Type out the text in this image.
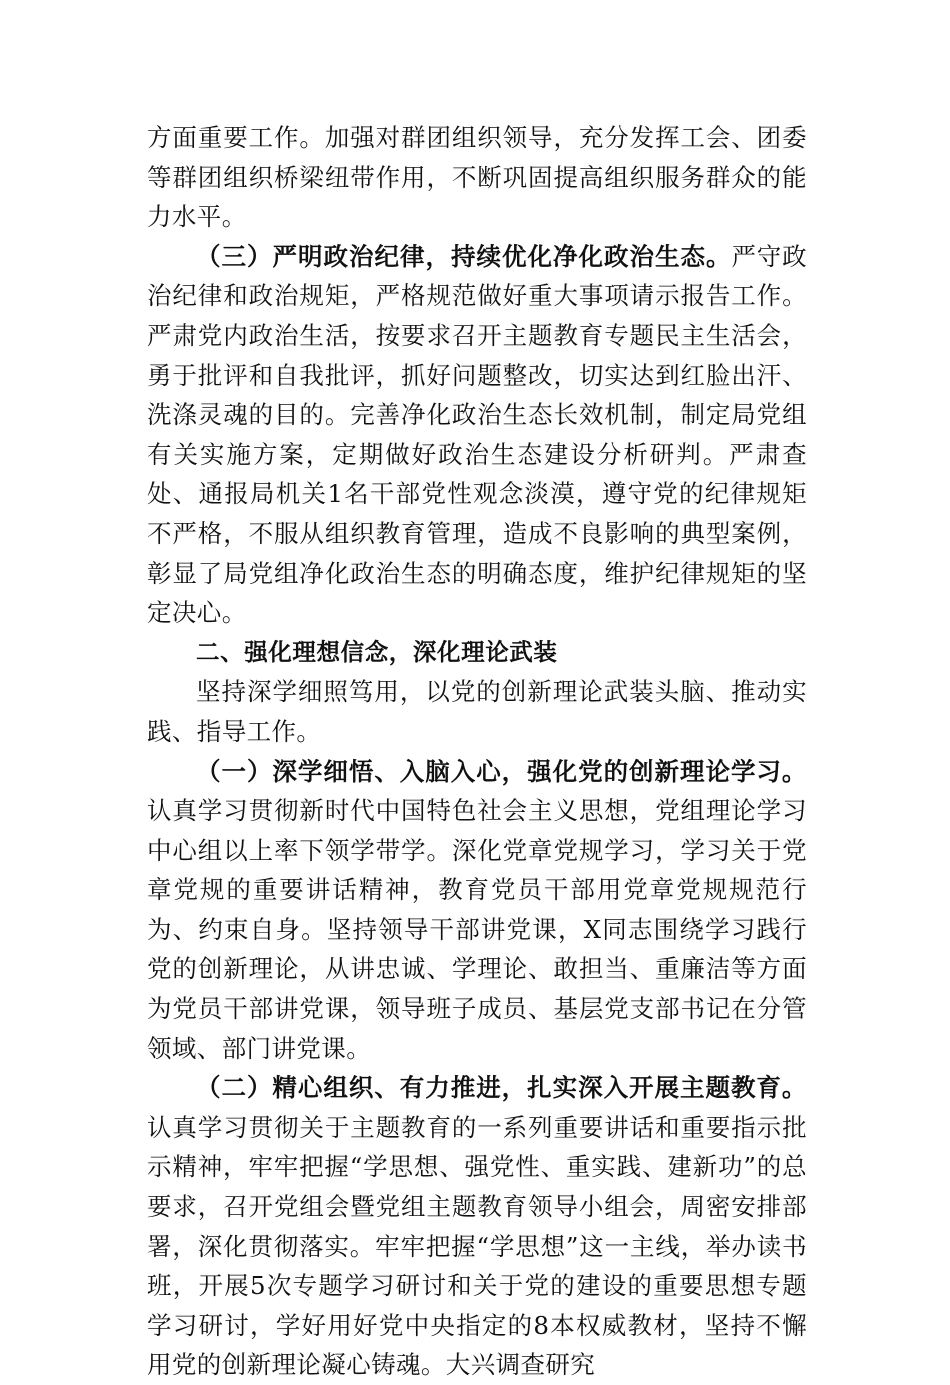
方面重要工作。加强对群团组织领导，充分发挥工会、团委等群团组织桥梁纽带作用，不断巩固提高组织服务群众的能力水平。

（三）严明政治纪律，持续优化净化政治生态。严守政治纪律和政治规矩，严格规范做好重大事项请示报告工作。严肃党内政治生活，按要求召开主题教育专题民主生活会，勇于批评和自我批评，抓好问题整改，切实达到红脸出汗、洗涤灵魂的目的。完善净化政治生态长效机制，制定局党组有关实施方案，定期做好政治生态建设分析研判。严肃查处、通报局机关1名干部党性观念淡漠，遵守党的纪律规矩不严格，不服从组织教育管理，造成不良影响的典型案例，彰显了局党组净化政治生态的明确态度，维护纪律规矩的坚定决心。

二、强化理想信念，深化理论武装

坚持深学细照笃用，以党的创新理论武装头脑、推动实践、指导工作。

（一）深学细悟、入脑入心，强化党的创新理论学习。认真学习贯彻新时代中国特色社会主义思想，党组理论学习中心组以上率下领学带学。深化党章党规学习，学习关于党章党规的重要讲话精神，教育党员干部用党章党规规范行为、约束自身。坚持领导干部讲党课，X同志围绕学习践行党的创新理论，从讲忠诚、学理论、敢担当、重廉洁等方面为党员干部讲党课，领导班子成员、基层党支部书记在分管领域、部门讲党课。

（二）精心组织、有力推进，扎实深入开展主题教育。认真学习贯彻关于主题教育的一系列重要讲话和重要指示批示精神，牢牢把握“学思想、强党性、重实践、建新功”的总要求，召开党组会暨党组主题教育领导小组会，周密安排部署，深化贯彻落实。牢牢把握“学思想”这一主线，举办读书班，开展5次专题学习研讨和关于党的建设的重要思想专题学习研讨，学好用好党中央指定的8本权威教材，坚持不懈用党的创新理论凝心铸魂。大兴调查研究
